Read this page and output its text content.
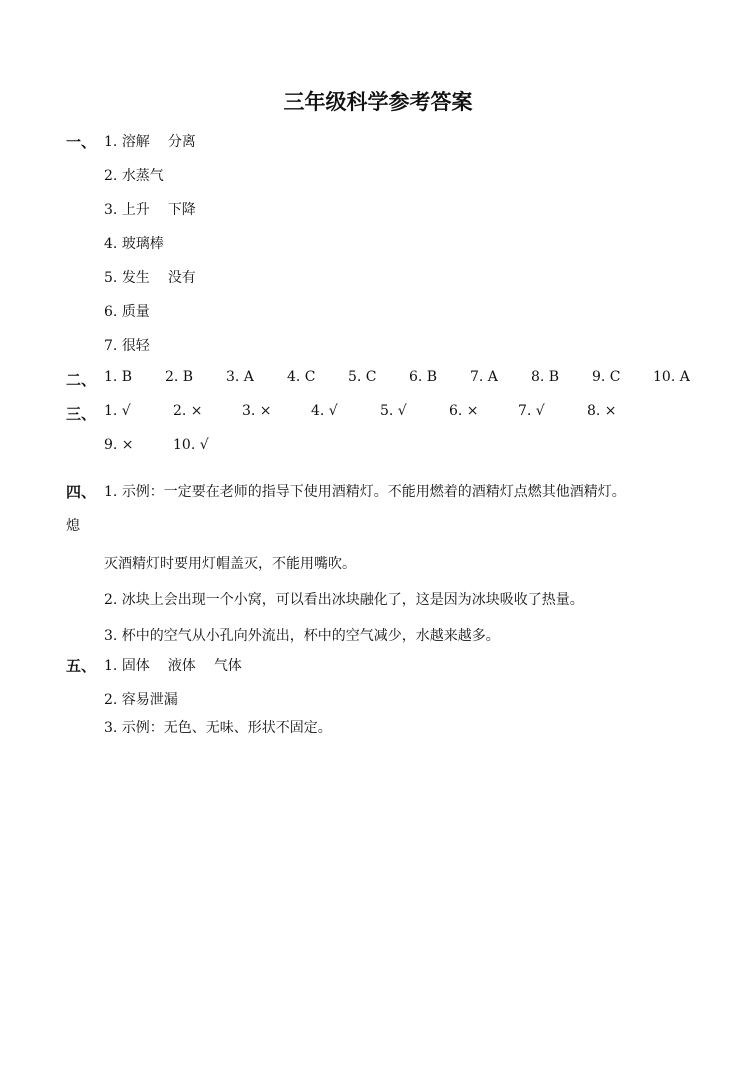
三年级科学参考答案
一、 1. 溶解 分离
2. 水蒸气
3. 上升 下降
4. 玻璃棒
5. 发生 没有
6. 质量
7. 很轻
二、 1. B 2. B 3. A 4. C 5. C 6. B 7. A 8. B 9. C 10. A
三、 1. √	2. ×	3. ×	4. √	5. √	6. ×	7. √	8. ×
9. ×	10. √
四、 1. 示例：一定要在老师的指导下使用酒精灯。不能用燃着的酒精灯点燃其他酒精灯。
熄
灭酒精灯时要用灯帽盖灭，不能用嘴吹。
2. 冰块上会出现一个小窝，可以看出冰块融化了，这是因为冰块吸收了热量。
3. 杯中的空气从小孔向外流出，杯中的空气减少，水越来越多。
五、 1. 固体 液体 气体
2. 容易泄漏
3. 示例：无色、无味、形状不固定。
